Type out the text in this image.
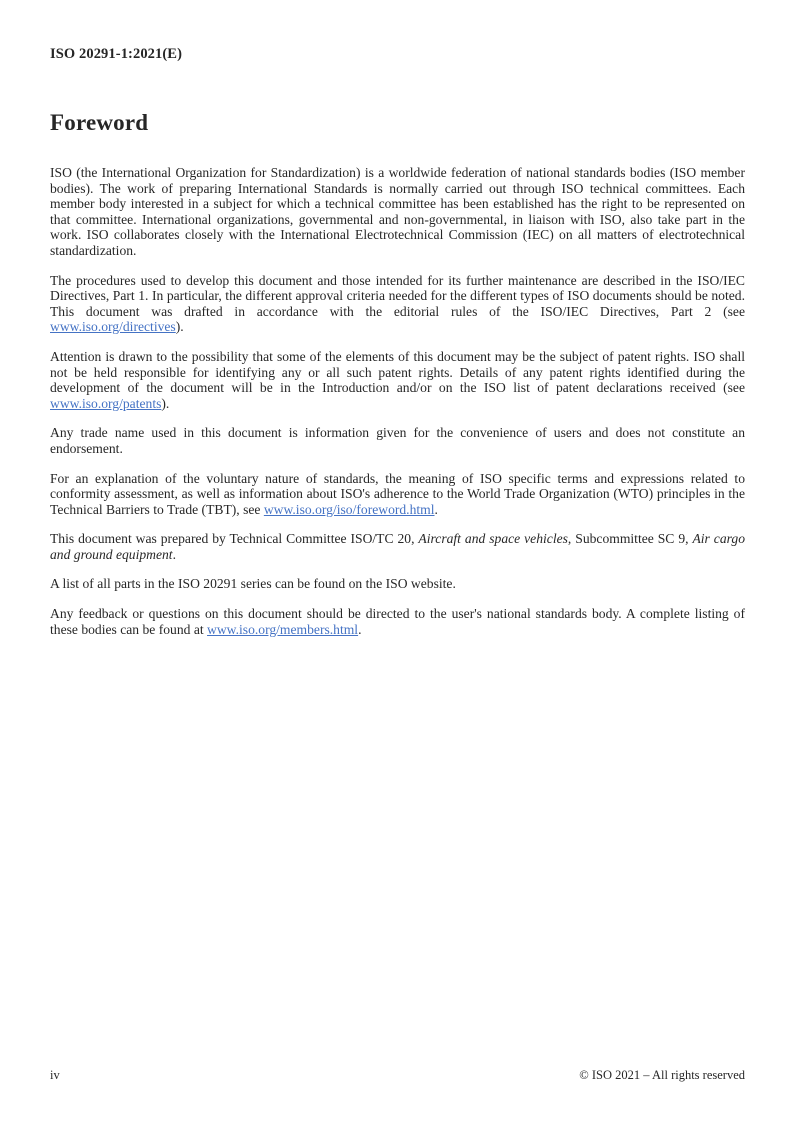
ISO 20291-1:2021(E)
Foreword

ISO (the International Organization for Standardization) is a worldwide federation of national standards bodies (ISO member bodies). The work of preparing International Standards is normally carried out through ISO technical committees. Each member body interested in a subject for which a technical committee has been established has the right to be represented on that committee. International organizations, governmental and non-governmental, in liaison with ISO, also take part in the work. ISO collaborates closely with the International Electrotechnical Commission (IEC) on all matters of electrotechnical standardization.

The procedures used to develop this document and those intended for its further maintenance are described in the ISO/IEC Directives, Part 1. In particular, the different approval criteria needed for the different types of ISO documents should be noted. This document was drafted in accordance with the editorial rules of the ISO/IEC Directives, Part 2 (see www.iso.org/directives).

Attention is drawn to the possibility that some of the elements of this document may be the subject of patent rights. ISO shall not be held responsible for identifying any or all such patent rights. Details of any patent rights identified during the development of the document will be in the Introduction and/or on the ISO list of patent declarations received (see www.iso.org/patents).

Any trade name used in this document is information given for the convenience of users and does not constitute an endorsement.

For an explanation of the voluntary nature of standards, the meaning of ISO specific terms and expressions related to conformity assessment, as well as information about ISO's adherence to the World Trade Organization (WTO) principles in the Technical Barriers to Trade (TBT), see www.iso.org/iso/foreword.html.

This document was prepared by Technical Committee ISO/TC 20, Aircraft and space vehicles, Subcommittee SC 9, Air cargo and ground equipment.

A list of all parts in the ISO 20291 series can be found on the ISO website.

Any feedback or questions on this document should be directed to the user's national standards body. A complete listing of these bodies can be found at www.iso.org/members.html.

iv	© ISO 2021 – All rights reserved
